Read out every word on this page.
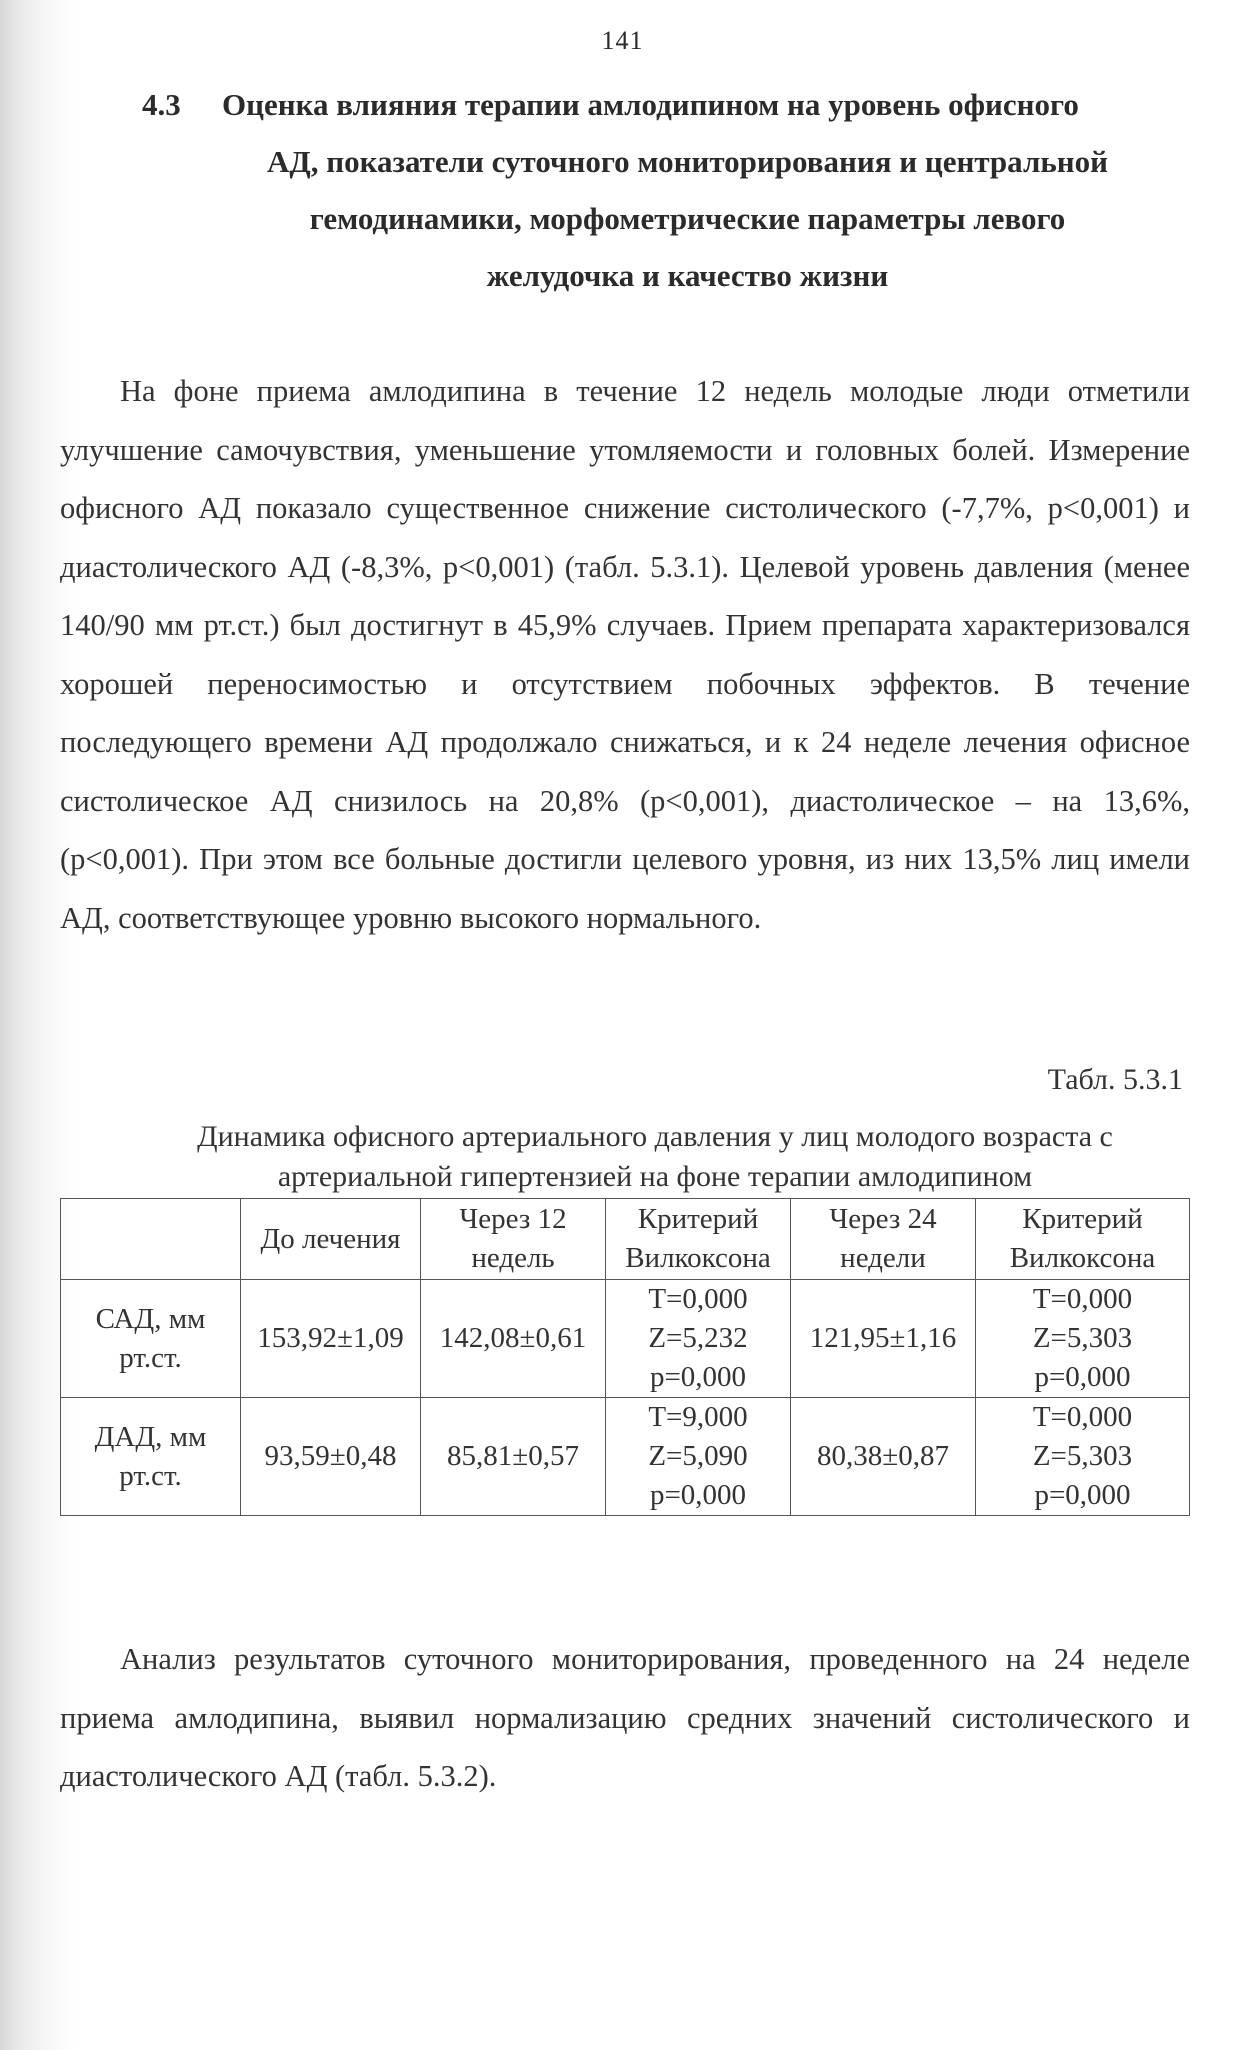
141
4.3 Оценка влияния терапии амлодипином на уровень офисного
АД, показатели суточного мониторирования и центральной
гемодинамики, морфометрические параметры левого
желудочка и качество жизни
На фоне приема амлодипина в течение 12 недель молодые люди отметили улучшение самочувствия, уменьшение утомляемости и головных болей. Измерение офисного АД показало существенное снижение систолического (-7,7%, p<0,001) и диастолического АД (-8,3%, p<0,001) (табл. 5.3.1). Целевой уровень давления (менее 140/90 мм рт.ст.) был достигнут в 45,9% случаев. Прием препарата характеризовался хорошей переносимостью и отсутствием побочных эффектов. В течение последующего времени АД продолжало снижаться, и к 24 неделе лечения офисное систолическое АД снизилось на 20,8% (p<0,001), диастолическое – на 13,6%, (p<0,001). При этом все больные достигли целевого уровня, из них 13,5% лиц имели АД, соответствующее уровню высокого нормального.
Табл. 5.3.1
Динамика офисного артериального давления у лиц молодого возраста с
артериальной гипертензией на фоне терапии амлодипином
	До лечения	Через 12
недель	Критерий
Вилкоксона	Через 24
недели	Критерий
Вилкоксона

САД, мм
рт.ст.	153,92±1,09	142,08±0,61	T=0,000
Z=5,232
p=0,000	121,95±1,16	T=0,000
Z=5,303
p=0,000

ДАД, мм
рт.ст.	93,59±0,48	85,81±0,57	T=9,000
Z=5,090
p=0,000	80,38±0,87	T=0,000
Z=5,303
p=0,000
Анализ результатов суточного мониторирования, проведенного на 24 неделе приема амлодипина, выявил нормализацию средних значений систолического и диастолического АД (табл. 5.3.2).
